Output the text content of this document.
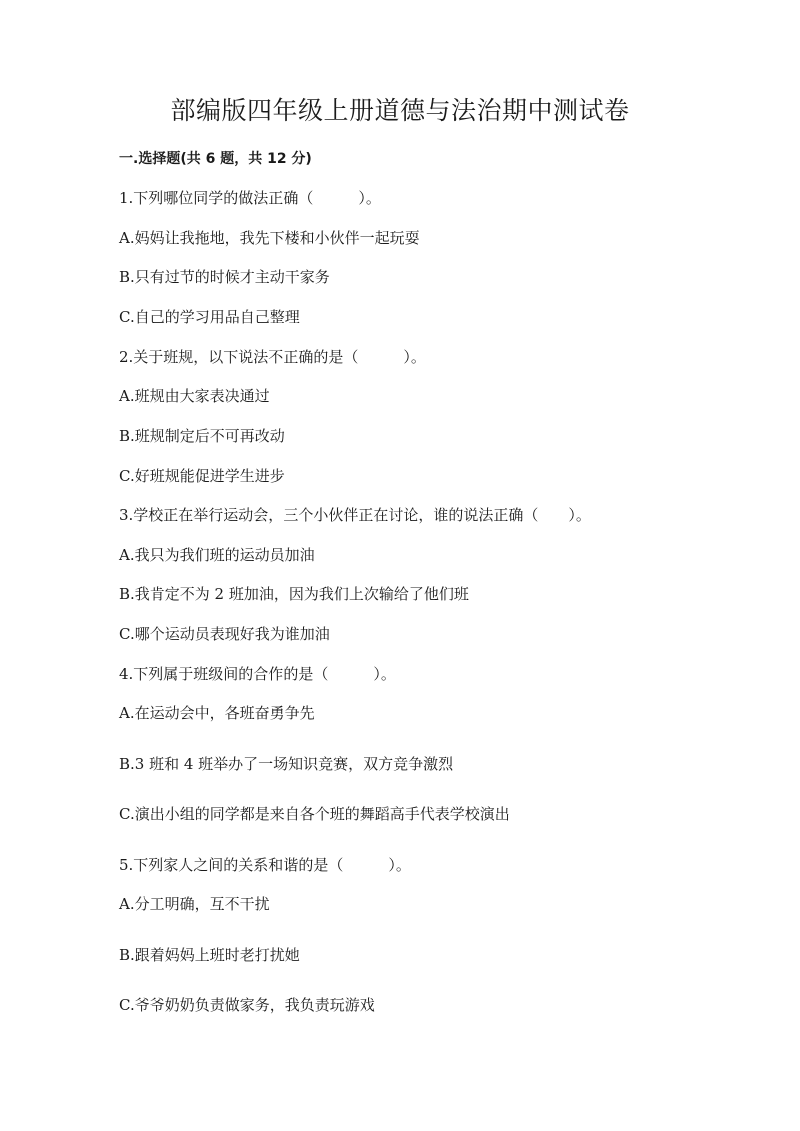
部编版四年级上册道德与法治期中测试卷
一.选择题(共 6 题，共 12 分)
1.下列哪位同学的做法正确（　　　）。
A.妈妈让我拖地，我先下楼和小伙伴一起玩耍
B.只有过节的时候才主动干家务
C.自己的学习用品自己整理
2.关于班规，以下说法不正确的是（　　　）。
A.班规由大家表决通过
B.班规制定后不可再改动
C.好班规能促进学生进步
3.学校正在举行运动会，三个小伙伴正在讨论，谁的说法正确（　　）。
A.我只为我们班的运动员加油
B.我肯定不为 2 班加油，因为我们上次输给了他们班
C.哪个运动员表现好我为谁加油
4.下列属于班级间的合作的是（　　　）。
A.在运动会中，各班奋勇争先
B.3 班和 4 班举办了一场知识竞赛，双方竞争激烈
C.演出小组的同学都是来自各个班的舞蹈高手代表学校演出
5.下列家人之间的关系和谐的是（　　　）。
A.分工明确，互不干扰
B.跟着妈妈上班时老打扰她
C.爷爷奶奶负责做家务，我负责玩游戏
